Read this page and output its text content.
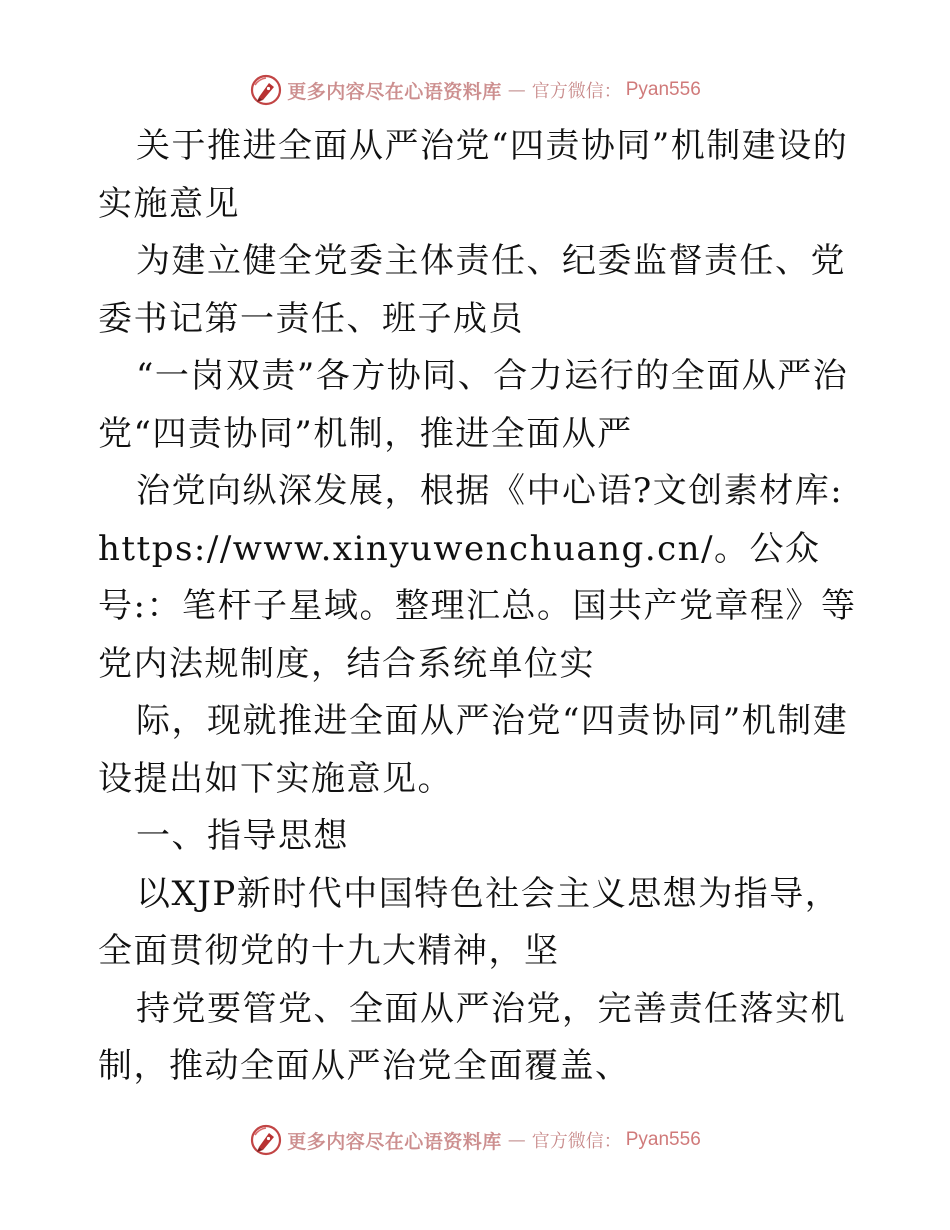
更多内容尽在心语资料库 — 官方微信： Pyan556

关于推进全面从严治党“四责协同”机制建设的实施意见

为建立健全党委主体责任、纪委监督责任、党委书记第一责任、班子成员

“一岗双责”各方协同、合力运行的全面从严治党“四责协同”机制，推进全面从严

治党向纵深发展，根据《中心语?文创素材库:https://www.xinyuwenchuang.cn/。公众号:：笔杆子星域。整理汇总。国共产党章程》等党内法规制度，结合系统单位实

际，现就推进全面从严治党“四责协同”机制建设提出如下实施意见。

一、指导思想

以XJP新时代中国特色社会主义思想为指导，全面贯彻党的十九大精神，坚

持党要管党、全面从严治党，完善责任落实机制，推动全面从严治党全面覆盖、

更多内容尽在心语资料库 — 官方微信： Pyan556
